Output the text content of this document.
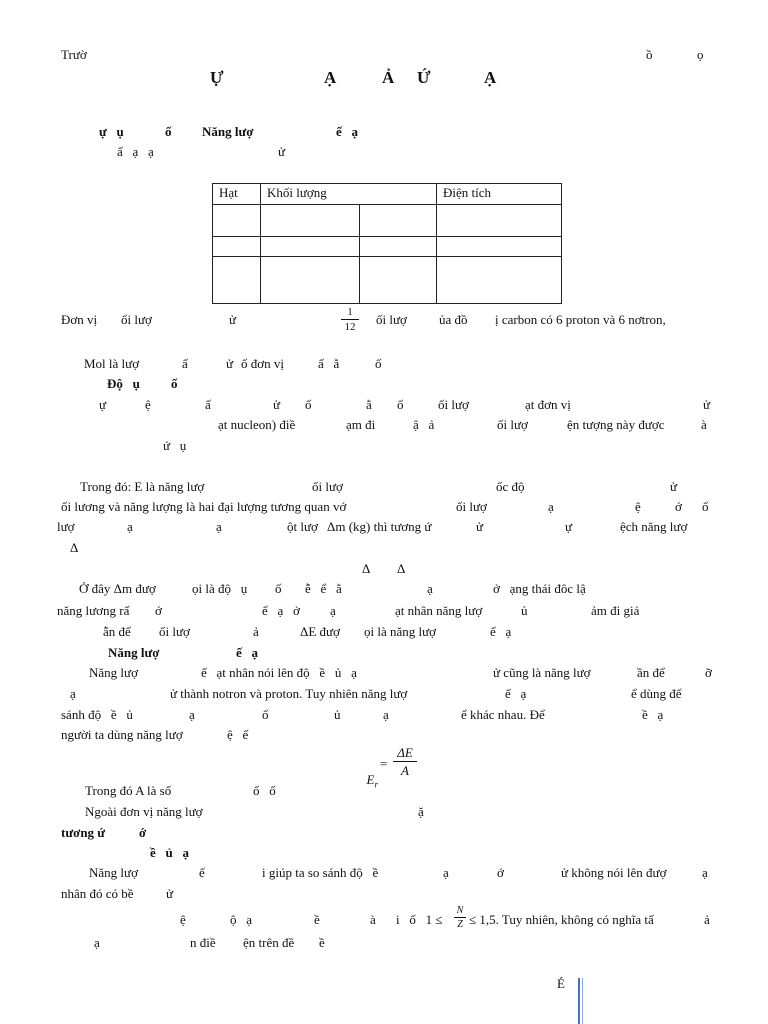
Trườ	ồ	ọ
Ự	Ạ	Ả Ứ	Ạ
ự   ụ	ố Năng lượ	ế   ạ
ấ   ạ   ạ	ử
Hạt	Khối lượng		Điện tích

Đơn vị ối lượ	ử	1
12 ối lượ ủa đồ ị carbon có 6 proton và 6 nơtron,
Mol là lượ	ấ	ử ố đơn vị	ấ   ằ	ố
Độ   ụ ố
ự	ệ	ấ	ử ố	ằ ố	ối lượ	ạt đơn vị	ử
ạt nucleon) điề	ạm đi	ậ   ả	ối lượ	ện tượng này được	à
ứ   ụ
Trong đó: E là năng lượ	ối lượ	ốc độ	ử
ối lương và năng lượng là hai đại lượng tương quan vớ	ối lượ	ạ	ệ	ớ ố
lượ	ạ	ạ	ột lượ Δm (kg) thì tương ứ	ử	ự	ệch năng lượ
Δ
Δ Δ
Ở đây Δm đượ	ọi là độ   ụ ố ễ   ể   ằ	ạ	ở   ạng thái đôc lậ
năng lương rấ ớ	ế   ạ   ở ạ	ạt nhân năng lượ	ủ	ảm đi giả
ẫn để ối lượ	ả	ΔE đượ ọi là năng lượ	ế   ạ
Năng lượ	ế   ạ
Năng lượ	ế   ạt nhân nói lên độ   ề   ủ   ạ	ử cũng là năng lượ	ần để	ỡ
ạ	ử thành notron và proton. Tuy nhiên năng lượ	ế   ạ	ể dùng để
sánh độ   ề   ủ	ạ	ố	ủ	ạ	ể khác nhau. Để	ề   ạ
người ta dùng năng lượ	ệ   ế

$E_r$

=
ΔE
A
Trong đó A là số	ố   ố
Ngoài đơn vị năng lượ	ặ
tương ứ	ớ
ề   ủ   ạ
Năng lượ	ế	i giúp ta so sánh độ   ề	ạ	ớ	ử không nói lên đượ	ạ
nhân đó có bề ử
ệ	ộ   ạ	ề	à i   ố   1 ≤
N
Z ≤ 1,5. Tuy nhiên, không có nghĩa tấ	ả
ạ	n điề ện trên đề ề
É
